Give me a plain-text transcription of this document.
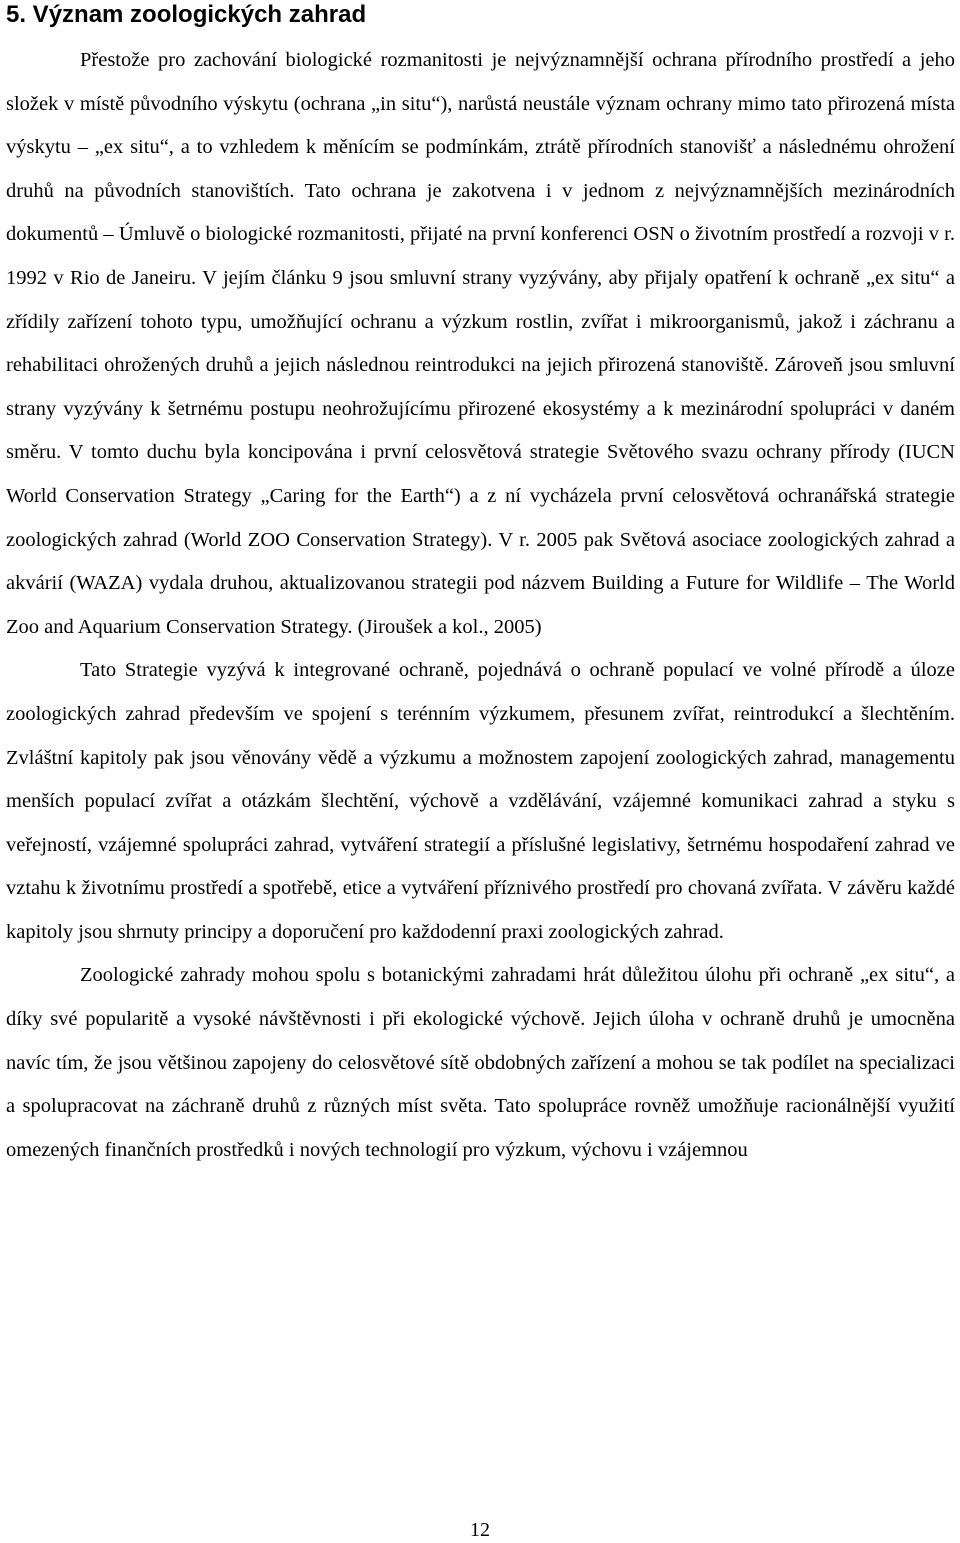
5. Význam zoologických zahrad

Přestože pro zachování biologické rozmanitosti je nejvýznamnější ochrana přírodního prostředí a jeho složek v místě původního výskytu (ochrana „in situ“), narůstá neustále význam ochrany mimo tato přirozená místa výskytu – „ex situ“, a to vzhledem k měnícím se podmínkám, ztrátě přírodních stanovišť a následnému ohrožení druhů na původních stanovištích. Tato ochrana je zakotvena i v jednom z nejvýznamnějších mezinárodních dokumentů – Úmluvě o biologické rozmanitosti, přijaté na první konferenci OSN o životním prostředí a rozvoji v r. 1992 v Rio de Janeiru. V jejím článku 9 jsou smluvní strany vyzývány, aby přijaly opatření k ochraně „ex situ“ a zřídily zařízení tohoto typu, umožňující ochranu a výzkum rostlin, zvířat i mikroorganismů, jakož i záchranu a rehabilitaci ohrožených druhů a jejich následnou reintrodukci na jejich přirozená stanoviště. Zároveň jsou smluvní strany vyzývány k šetrnému postupu neohrožujícímu přirozené ekosystémy a k mezinárodní spolupráci v daném směru. V tomto duchu byla koncipována i první celosvětová strategie Světového svazu ochrany přírody (IUCN World Conservation Strategy „Caring for the Earth“) a z ní vycházela první celosvětová ochranářská strategie zoologických zahrad (World ZOO Conservation Strategy). V r. 2005 pak Světová asociace zoologických zahrad a akvárií (WAZA) vydala druhou, aktualizovanou strategii pod názvem Building a Future for Wildlife – The World Zoo and Aquarium Conservation Strategy. (Jiroušek a kol., 2005)

Tato Strategie vyzývá k integrované ochraně, pojednává o ochraně populací ve volné přírodě a úloze zoologických zahrad především ve spojení s terénním výzkumem, přesunem zvířat, reintrodukcí a šlechtěním. Zvláštní kapitoly pak jsou věnovány vědě a výzkumu a možnostem zapojení zoologických zahrad, managementu menších populací zvířat a otázkám šlechtění, výchově a vzdělávání, vzájemné komunikaci zahrad a styku s veřejností, vzájemné spolupráci zahrad, vytváření strategií a příslušné legislativy, šetrnému hospodaření zahrad ve vztahu k životnímu prostředí a spotřebě, etice a vytváření příznivého prostředí pro chovaná zvířata. V závěru každé kapitoly jsou shrnuty principy a doporučení pro každodenní praxi zoologických zahrad.

Zoologické zahrady mohou spolu s botanickými zahradami hrát důležitou úlohu při ochraně „ex situ“, a díky své popularitě a vysoké návštěvnosti i při ekologické výchově. Jejich úloha v ochraně druhů je umocněna navíc tím, že jsou většinou zapojeny do celosvětové sítě obdobných zařízení a mohou se tak podílet na specializaci a spolupracovat na záchraně druhů z různých míst světa. Tato spolupráce rovněž umožňuje racionálnější využití omezených finančních prostředků i nových technologií pro výzkum, výchovu i vzájemnou

12
